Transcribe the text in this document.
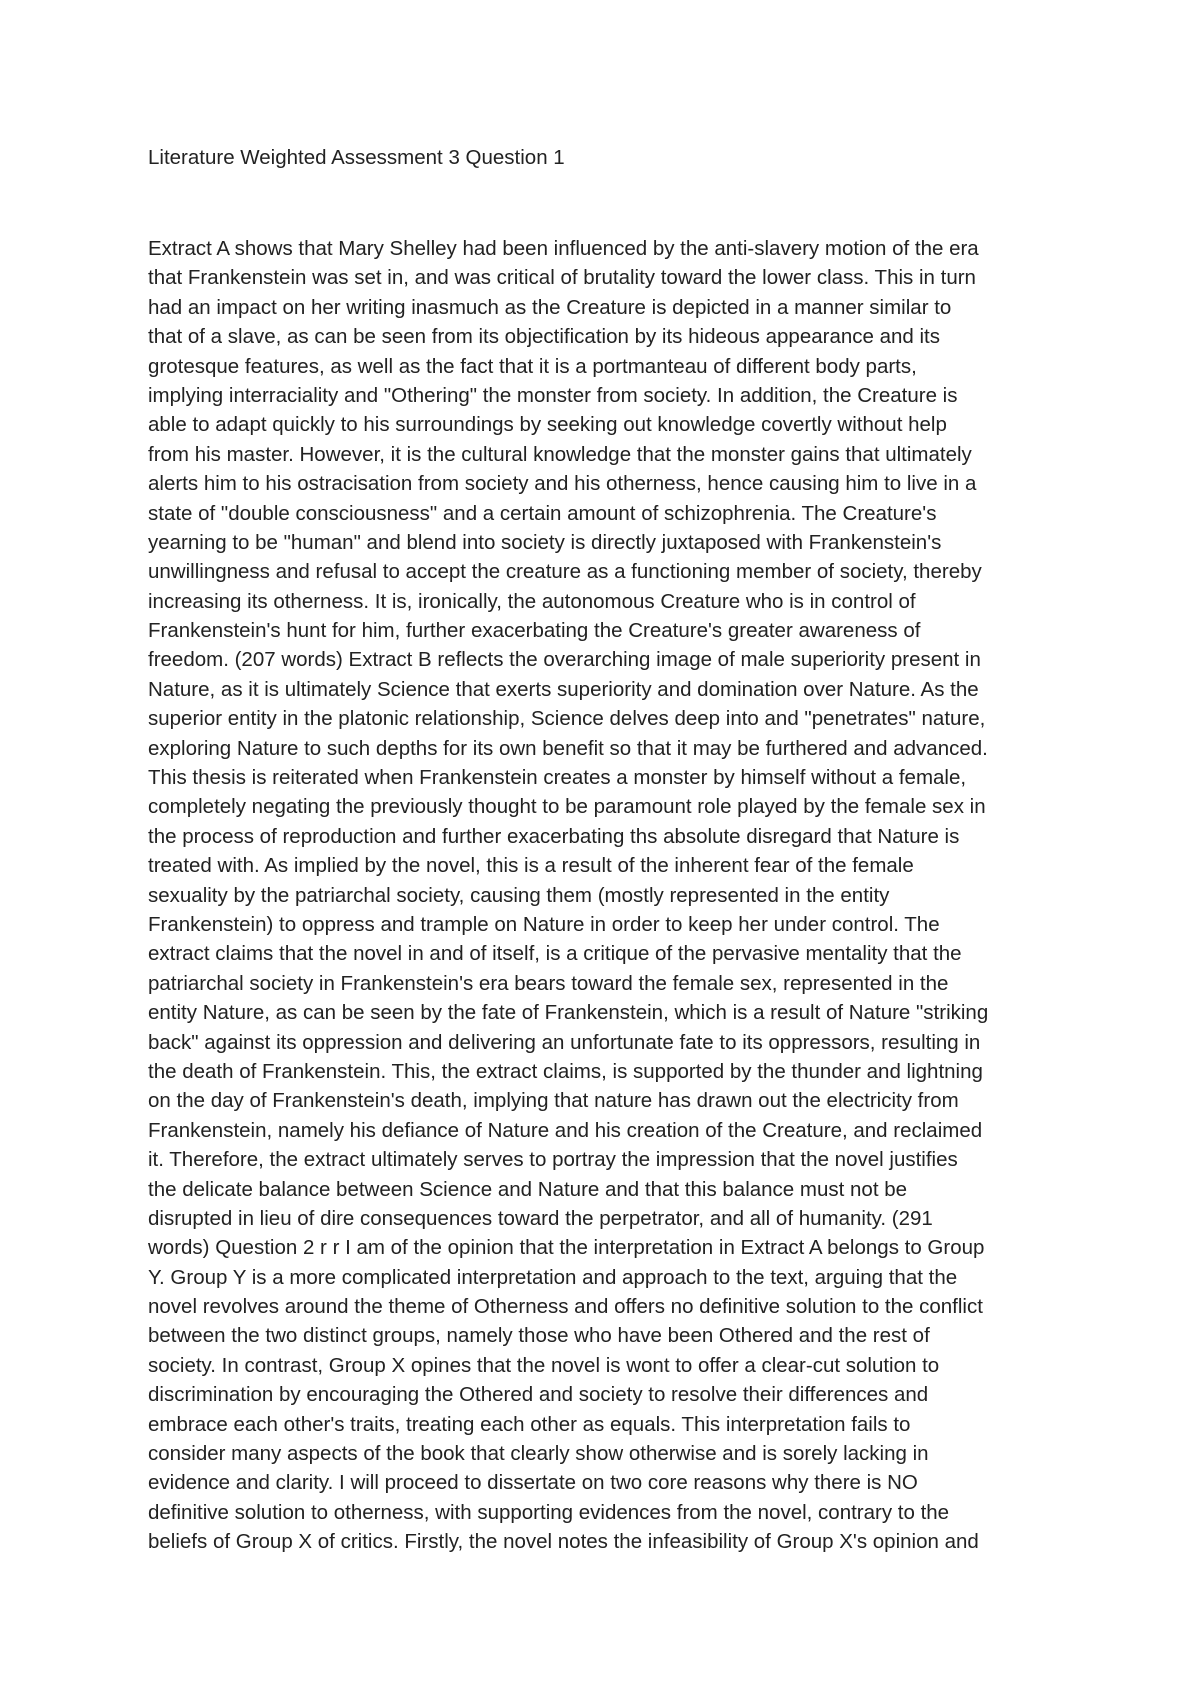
Literature Weighted Assessment 3 Question 1
Extract A shows that Mary Shelley had been influenced by the anti-slavery motion of the era
that Frankenstein was set in, and was critical of brutality toward the lower class. This in turn
had an impact on her writing inasmuch as the Creature is depicted in a manner similar to
that of a slave, as can be seen from its objectification by its hideous appearance and its
grotesque features, as well as the fact that it is a portmanteau of different body parts,
implying interraciality and "Othering" the monster from society. In addition, the Creature is
able to adapt quickly to his surroundings by seeking out knowledge covertly without help
from his master. However, it is the cultural knowledge that the monster gains that ultimately
alerts him to his ostracisation from society and his otherness, hence causing him to live in a
state of "double consciousness" and a certain amount of schizophrenia. The Creature's
yearning to be "human" and blend into society is directly juxtaposed with Frankenstein's
unwillingness and refusal to accept the creature as a functioning member of society, thereby
increasing its otherness. It is, ironically, the autonomous Creature who is in control of
Frankenstein's hunt for him, further exacerbating the Creature's greater awareness of
freedom. (207 words) Extract B reflects the overarching image of male superiority present in
Nature, as it is ultimately Science that exerts superiority and domination over Nature. As the
superior entity in the platonic relationship, Science delves deep into and "penetrates" nature,
exploring Nature to such depths for its own benefit so that it may be furthered and advanced.
This thesis is reiterated when Frankenstein creates a monster by himself without a female,
completely negating the previously thought to be paramount role played by the female sex in
the process of reproduction and further exacerbating ths absolute disregard that Nature is
treated with. As implied by the novel, this is a result of the inherent fear of the female
sexuality by the patriarchal society, causing them (mostly represented in the entity
Frankenstein) to oppress and trample on Nature in order to keep her under control. The
extract claims that the novel in and of itself, is a critique of the pervasive mentality that the
patriarchal society in Frankenstein's era bears toward the female sex, represented in the
entity Nature, as can be seen by the fate of Frankenstein, which is a result of Nature "striking
back" against its oppression and delivering an unfortunate fate to its oppressors, resulting in
the death of Frankenstein. This, the extract claims, is supported by the thunder and lightning
on the day of Frankenstein's death, implying that nature has drawn out the electricity from
Frankenstein, namely his defiance of Nature and his creation of the Creature, and reclaimed
it. Therefore, the extract ultimately serves to portray the impression that the novel justifies
the delicate balance between Science and Nature and that this balance must not be
disrupted in lieu of dire consequences toward the perpetrator, and all of humanity. (291
words) Question 2 r r I am of the opinion that the interpretation in Extract A belongs to Group
Y. Group Y is a more complicated interpretation and approach to the text, arguing that the
novel revolves around the theme of Otherness and offers no definitive solution to the conflict
between the two distinct groups, namely those who have been Othered and the rest of
society. In contrast, Group X opines that the novel is wont to offer a clear-cut solution to
discrimination by encouraging the Othered and society to resolve their differences and
embrace each other's traits, treating each other as equals. This interpretation fails to
consider many aspects of the book that clearly show otherwise and is sorely lacking in
evidence and clarity. I will proceed to dissertate on two core reasons why there is NO
definitive solution to otherness, with supporting evidences from the novel, contrary to the
beliefs of Group X of critics. Firstly, the novel notes the infeasibility of Group X's opinion and
